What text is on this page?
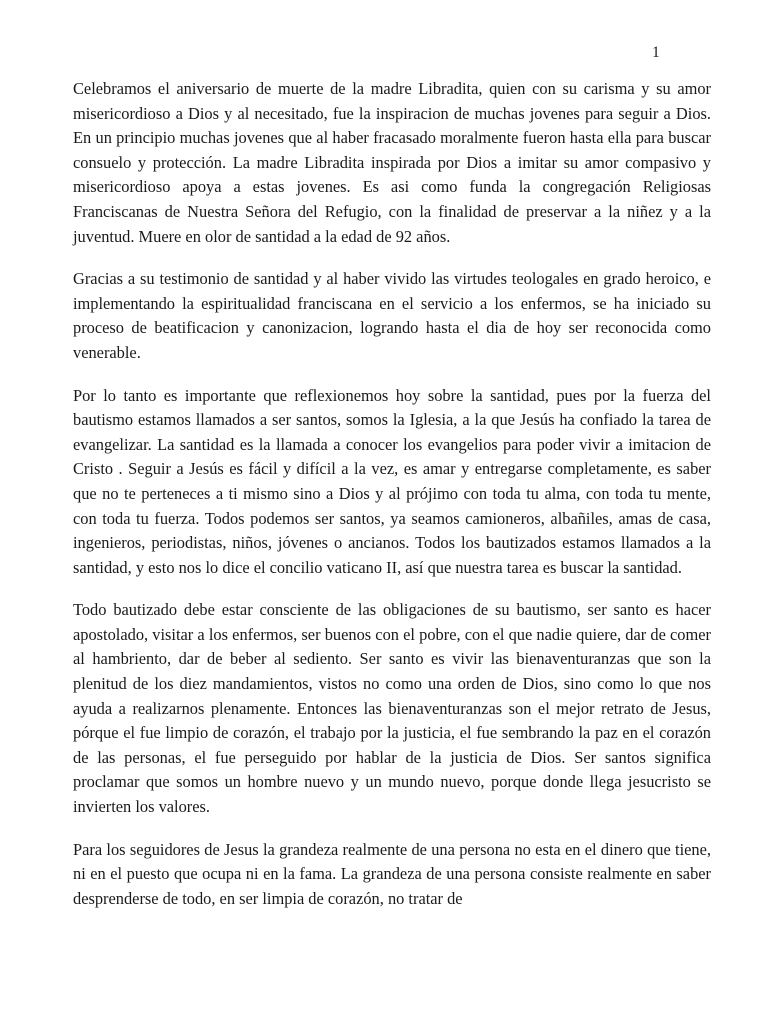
1

Celebramos el aniversario de muerte de la madre Libradita, quien con su carisma y su amor misericordioso a Dios y al necesitado, fue la inspiracion de muchas jovenes para seguir a Dios. En un principio muchas jovenes que al haber fracasado moralmente fueron hasta ella para buscar consuelo y protección. La madre Libradita inspirada por Dios a imitar su amor compasivo y misericordioso apoya a estas jovenes. Es asi como funda la congregación Religiosas Franciscanas de Nuestra Señora del Refugio, con la finalidad de preservar a la niñez y a la juventud. Muere en olor de santidad a la edad de 92 años.

Gracias a su testimonio de santidad y al haber vivido las virtudes teologales en grado heroico, e implementando la espiritualidad franciscana en el servicio a los enfermos, se ha iniciado su proceso de beatificacion y canonizacion, logrando hasta el dia de hoy ser reconocida como venerable.

Por lo tanto es importante que reflexionemos hoy sobre la santidad, pues por la fuerza del bautismo estamos llamados a ser santos, somos la Iglesia, a la que Jesús ha confiado la tarea de evangelizar. La santidad es la llamada a conocer los evangelios para poder vivir a imitacion de Cristo . Seguir a Jesús es fácil y difícil a la vez, es amar y entregarse completamente, es saber que no te perteneces a ti mismo sino a Dios y al prójimo con toda tu alma, con toda tu mente, con toda tu fuerza. Todos podemos ser santos, ya seamos camioneros, albañiles, amas de casa, ingenieros, periodistas, niños, jóvenes o ancianos. Todos los bautizados estamos llamados a la santidad, y esto nos lo dice el concilio vaticano II, así que nuestra tarea es buscar la santidad.

Todo bautizado debe estar consciente de las obligaciones de su bautismo, ser santo es hacer apostolado, visitar a los enfermos, ser buenos con el pobre, con el que nadie quiere, dar de comer al hambriento, dar de beber al sediento. Ser santo es vivir las bienaventuranzas que son la plenitud de los diez mandamientos, vistos no como una orden de Dios, sino como lo que nos ayuda a realizarnos plenamente. Entonces las bienaventuranzas son el mejor retrato de Jesus, pórque el fue limpio de corazón, el trabajo por la justicia, el fue sembrando la paz en el corazón de las personas, el fue perseguido por hablar de la justicia de Dios. Ser santos significa proclamar que somos un hombre nuevo y un mundo nuevo, porque donde llega jesucristo se invierten los valores.

Para los seguidores de Jesus la grandeza realmente de una persona no esta en el dinero que tiene, ni en el puesto que ocupa ni en la fama. La grandeza de una persona consiste realmente en saber desprenderse de todo, en ser limpia de corazón, no tratar de
